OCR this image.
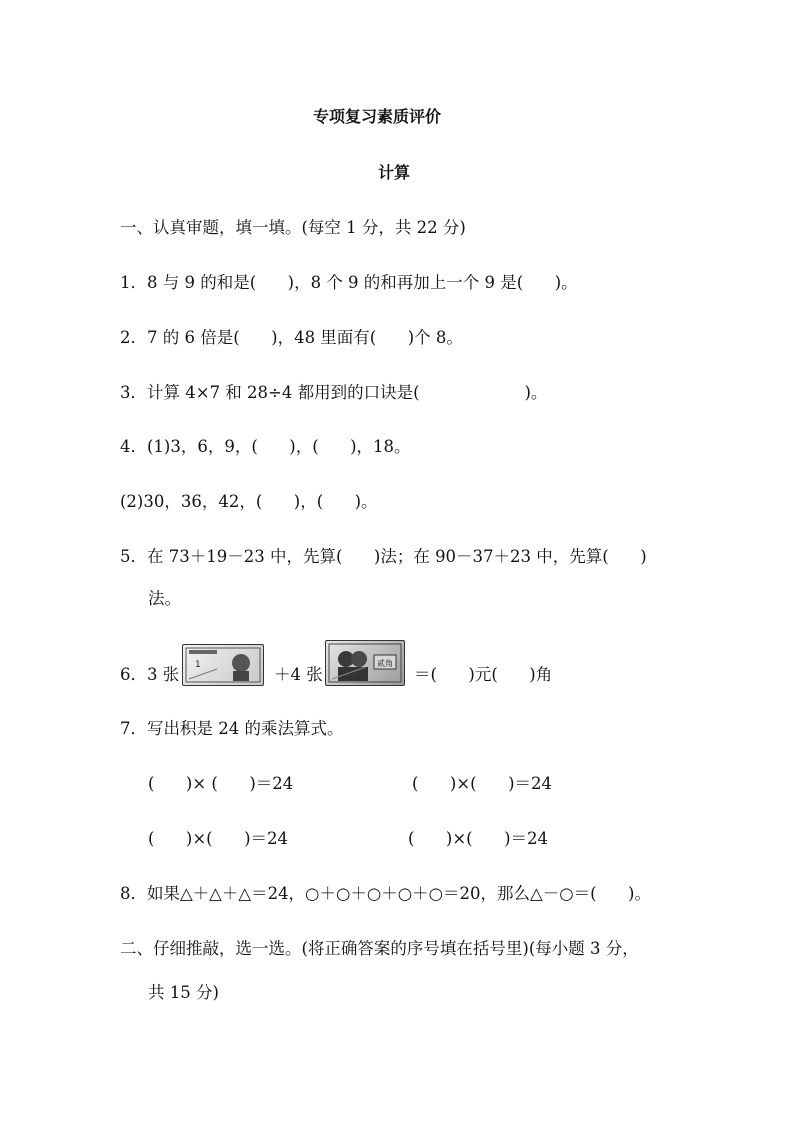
专项复习素质评价
计算
一、认真审题，填一填。(每空 1 分，共 22 分)
1．8 与 9 的和是(      )，8 个 9 的和再加上一个 9 是(      )。
2．7 的 6 倍是(      )，48 里面有(      )个 8。
3．计算 4×7 和 28÷4 都用到的口诀是(                    )。
4．(1)3，6，9，(      )，(      )，18。
(2)30，36，42，(      )，(      )。
5．在 73＋19－23 中，先算(      )法；在 90－37＋23 中，先算(      )
法。
6．3 张 1	＋4 张
贰角
＝(      )元(      )角
7．写出积是 24 的乘法算式。
(      )× (      )＝24	(      )×(      )＝24
(      )×(      )＝24	(      )×(      )＝24
8．如果△＋△＋△＝24，○＋○＋○＋○＋○＝20，那么△－○＝(      )。
二、仔细推敲，选一选。(将正确答案的序号填在括号里)(每小题 3 分，
共 15 分)
